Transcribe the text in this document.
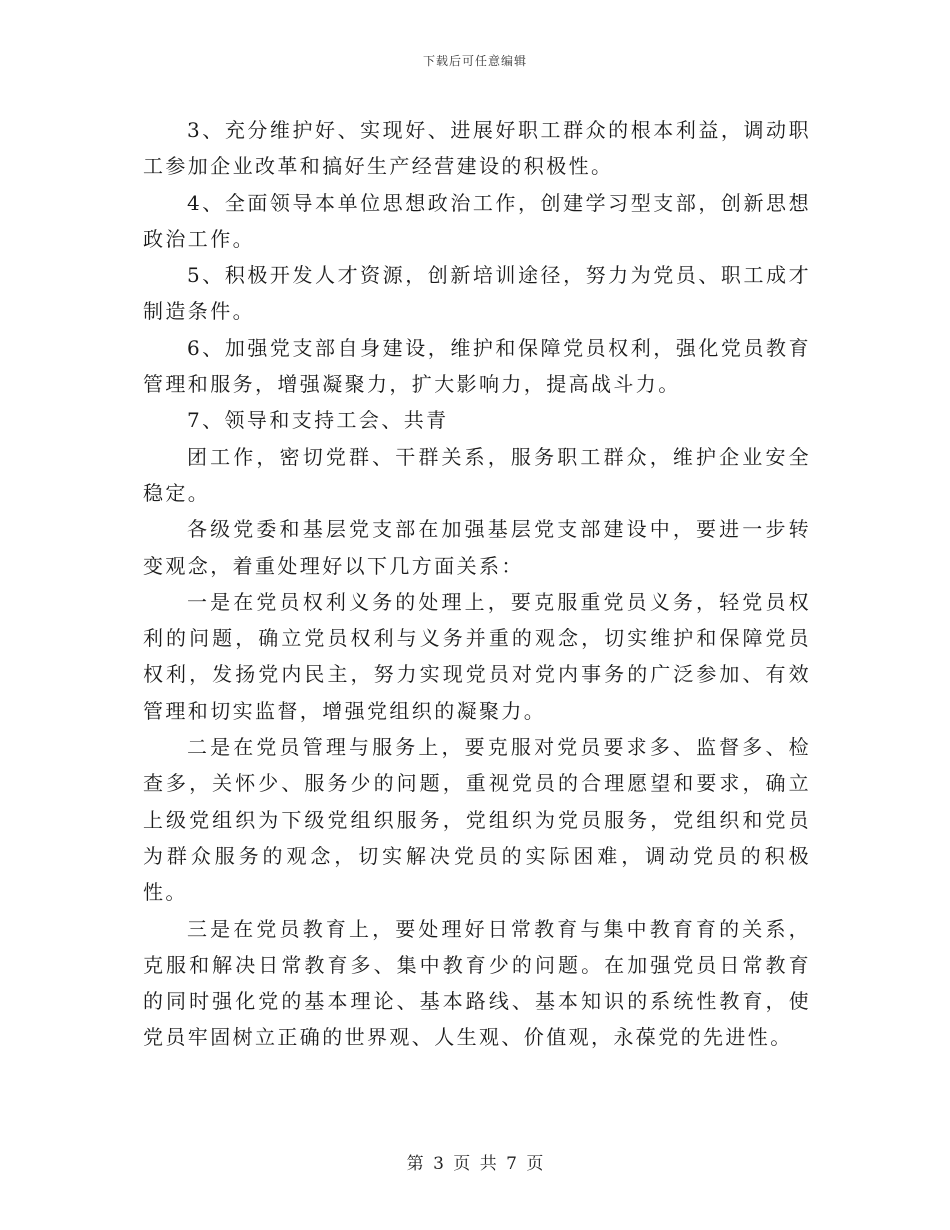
下载后可任意编辑

3、充分维护好、实现好、进展好职工群众的根本利益，调动职工参加企业改革和搞好生产经营建设的积极性。

4、全面领导本单位思想政治工作，创建学习型支部，创新思想政治工作。

5、积极开发人才资源，创新培训途径，努力为党员、职工成才制造条件。

6、加强党支部自身建设，维护和保障党员权利，强化党员教育管理和服务，增强凝聚力，扩大影响力，提高战斗力。

7、领导和支持工会、共青

团工作，密切党群、干群关系，服务职工群众，维护企业安全稳定。

各级党委和基层党支部在加强基层党支部建设中，要进一步转变观念，着重处理好以下几方面关系：

一是在党员权利义务的处理上，要克服重党员义务，轻党员权利的问题，确立党员权利与义务并重的观念，切实维护和保障党员权利，发扬党内民主，努力实现党员对党内事务的广泛参加、有效管理和切实监督，增强党组织的凝聚力。

二是在党员管理与服务上，要克服对党员要求多、监督多、检查多，关怀少、服务少的问题，重视党员的合理愿望和要求，确立上级党组织为下级党组织服务，党组织为党员服务，党组织和党员为群众服务的观念，切实解决党员的实际困难，调动党员的积极性。

三是在党员教育上，要处理好日常教育与集中教育育的关系，克服和解决日常教育多、集中教育少的问题。在加强党员日常教育的同时强化党的基本理论、基本路线、基本知识的系统性教育，使党员牢固树立正确的世界观、人生观、价值观，永葆党的先进性。

第 3 页 共 7 页
